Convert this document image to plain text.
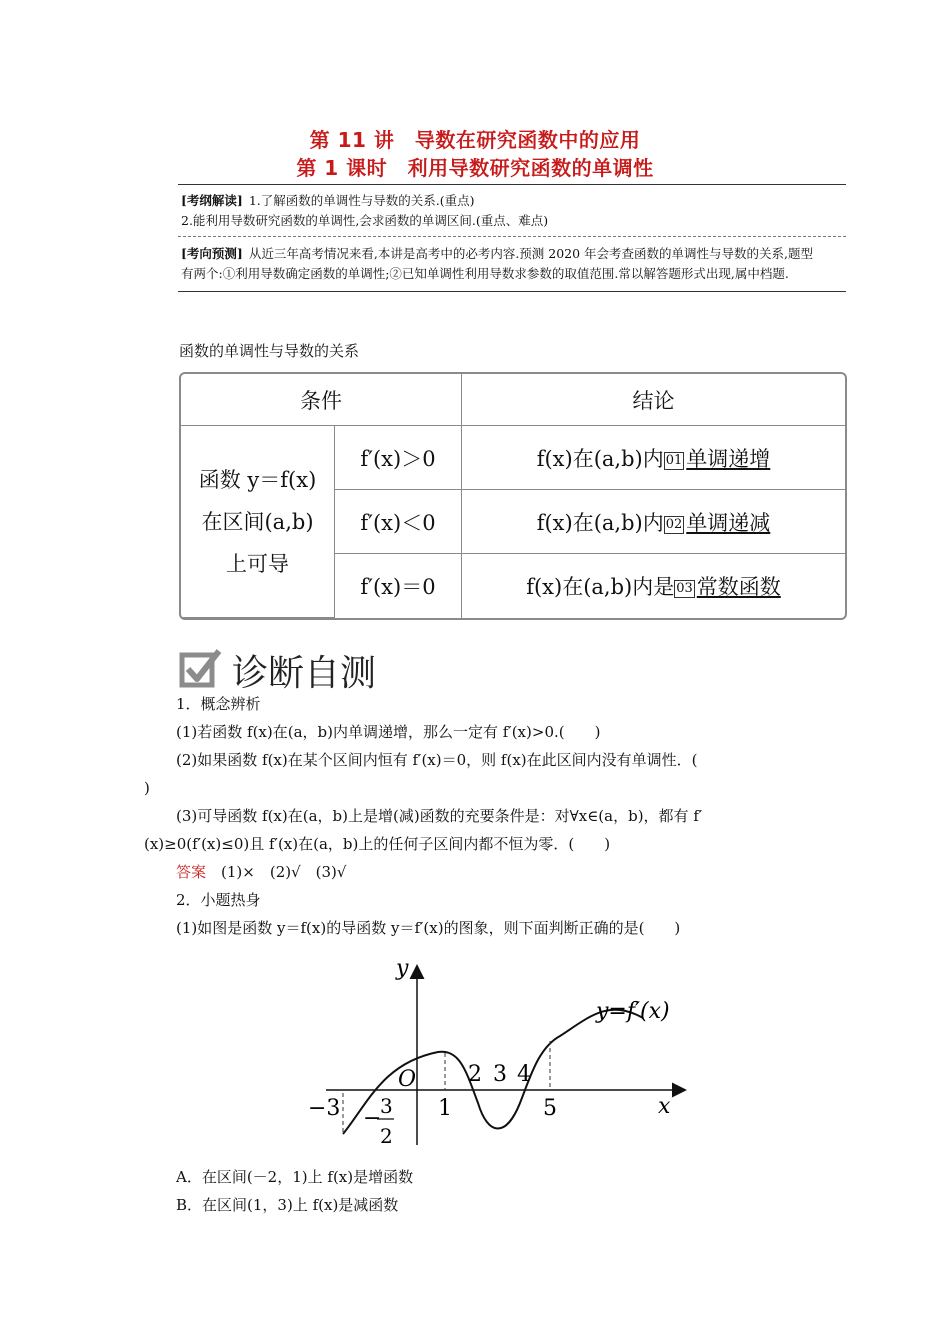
第 11 讲　导数在研究函数中的应用
第 1 课时　利用导数研究函数的单调性
[考纲解读] 1.了解函数的单调性与导数的关系.(重点)
2.能利用导数研究函数的单调性,会求函数的单调区间.(重点、难点)
[考向预测] 从近三年高考情况来看,本讲是高考中的必考内容.预测 2020 年会考查函数的单调性与导数的关系,题型
有两个:①利用导数确定函数的单调性;②已知单调性利用导数求参数的取值范围.常以解答题形式出现,属中档题.
函数的单调性与导数的关系
条件		结论

函数 y＝f(x)
在区间(a,b)
上可导	f′(x)＞0	f(x)在(a,b)内 01 单调递增
	f′(x)＜0	f(x)在(a,b)内 02 单调递减
	f′(x)＝0	f(x)在(a,b)内是 03 常数函数
诊断自测
1．概念辨析
(1)若函数 f(x)在(a，b)内单调递增，那么一定有 f′(x)>0.(　　)
(2)如果函数 f(x)在某个区间内恒有 f′(x)＝0，则 f(x)在此区间内没有单调性．(
)
(3)可导函数 f(x)在(a，b)上是增(减)函数的充要条件是：对∀x∈(a，b)，都有 f′
(x)≥0(f′(x)≤0)且 f′(x)在(a，b)上的任何子区间内都不恒为零．(　　)
答案　 (1)×　(2)√　(3)√
2．小题热身
(1)如图是函数 y＝f(x)的导函数 y＝f′(x)的图象，则下面判断正确的是(　　)
y
x
O
y=f′(x)
−3 −
3
2
1
2 3 4
5
A．在区间(－2，1)上 f(x)是增函数
B．在区间(1，3)上 f(x)是减函数
